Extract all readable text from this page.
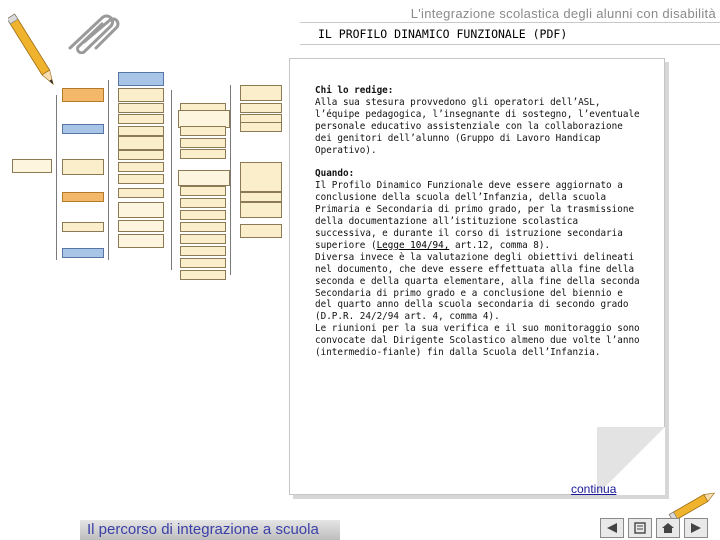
L'integrazione scolastica degli alunni con disabilità
IL PROFILO DINAMICO FUNZIONALE (PDF)

Chi lo redige:

Alla sua stesura provvedono gli operatori dell’ASL, l’équipe pedagogica, l’insegnante di sostegno, l’eventuale personale educativo assistenziale con la collaborazione dei genitori dell’alunno (Gruppo di Lavoro Handicap Operativo).

Quando:

Il Profilo Dinamico Funzionale deve essere aggiornato a conclusione della scuola dell’Infanzia, della scuola Primaria e Secondaria di primo grado, per la trasmissione della documentazione all’istituzione scolastica successiva, e durante il corso di istruzione secondaria superiore (Legge 104/94, art.12, comma 8).

Diversa invece è la valutazione degli obiettivi delineati nel documento, che deve essere effettuata alla fine della seconda e della quarta elementare, alla fine della seconda Secondaria di primo grado e a conclusione del biennio e del quarto anno della scuola secondaria di secondo grado (D.P.R. 24/2/94 art. 4, comma 4).

Le riunioni per la sua verifica e il suo monitoraggio sono convocate dal Dirigente Scolastico almeno due volte l’anno (intermedio-fianle) fin dalla Scuola dell’Infanzia.

continua
Il percorso di integrazione a scuola
